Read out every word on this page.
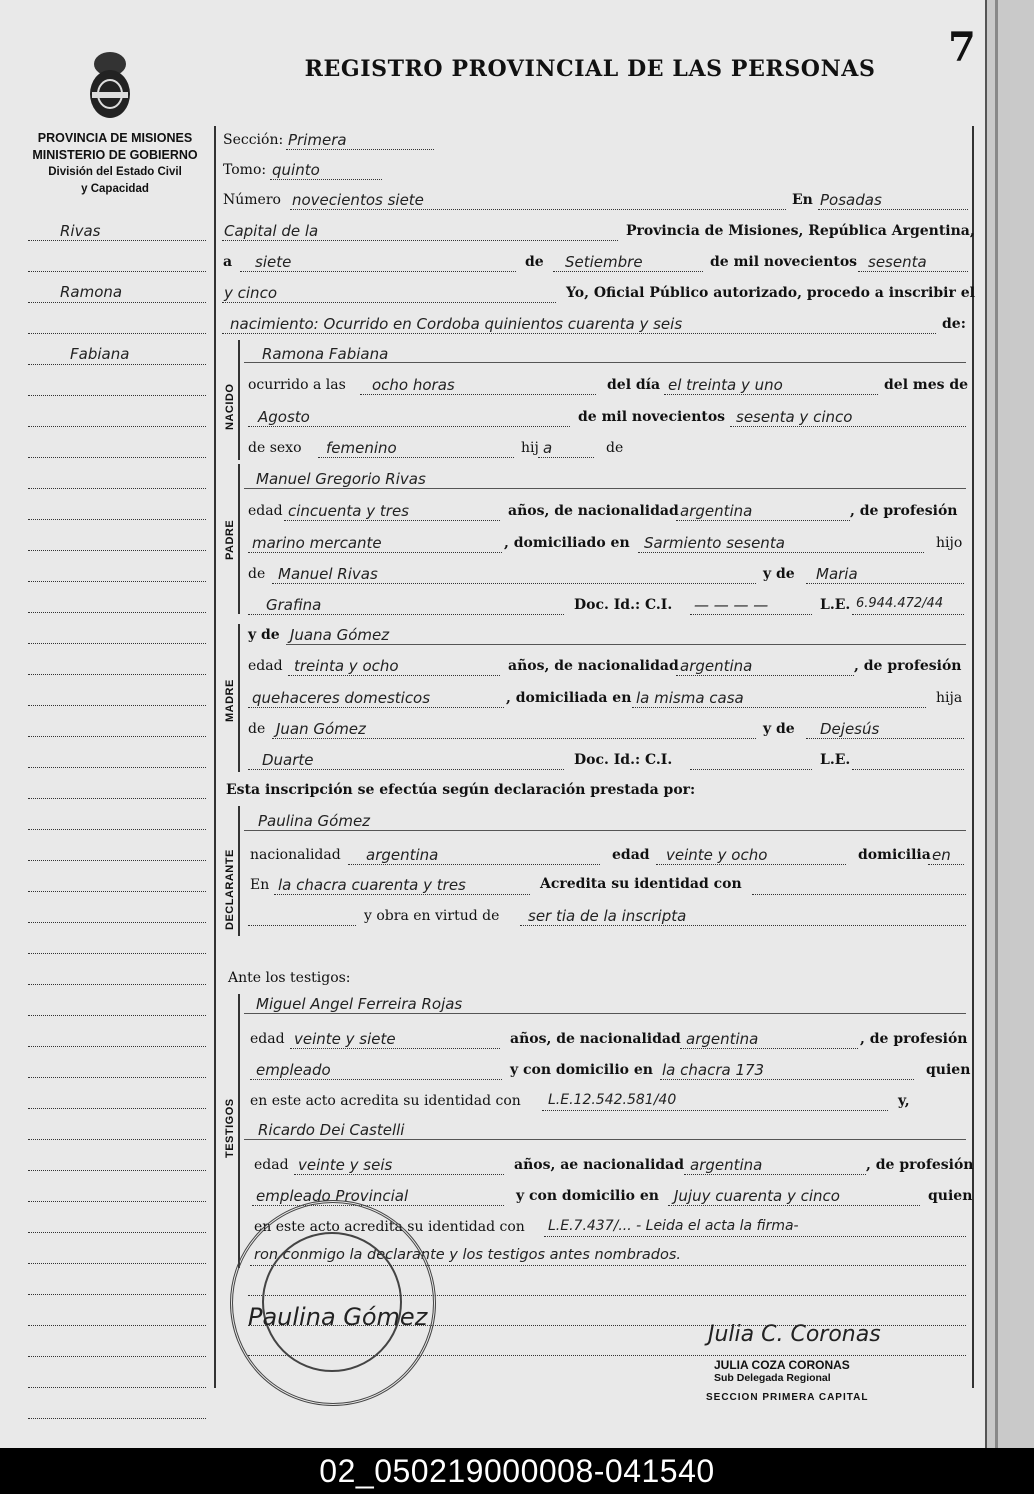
REGISTRO PROVINCIAL DE LAS PERSONAS	7
PROVINCIA DE MISIONES
MINISTERIO DE GOBIERNO
División del Estado Civil
y Capacidad
Rivas
Ramona
Fabiana
Sección: Primera
Tomo: quinto
Número novecientos siete	En Posadas
Capital de la	Provincia de Misiones, República Argentina,
a siete	de Setiembre	de mil novecientos sesenta
y cinco	Yo, Oficial Público autorizado, procedo a inscribir el
nacimiento: Ocurrido en Cordoba quinientos cuarenta y seis	de:
NACIDO
Ramona Fabiana
ocurrido a las ocho horas	del día el treinta y uno	del mes de
Agosto	de mil novecientos sesenta y cinco
de sexo femenino	hij a	de
PADRE
Manuel Gregorio Rivas
edad cincuenta y tres	años, de nacionalidad argentina	, de profesión
marino mercante	, domiciliado en Sarmiento sesenta	hijo
de Manuel Rivas	y de Maria
Grafina	Doc. Id.: C.I. — — — —	L.E. 6.944.472/44
MADRE
y de Juana Gómez
edad treinta y ocho	años, de nacionalidad argentina	, de profesión
quehaceres domesticos	, domiciliada en la misma casa	hija
de Juan Gómez	y de Dejesús
Duarte	Doc. Id.: C.I.	L.E.
Esta inscripción se efectúa según declaración prestada por:
DECLARANTE
Paulina Gómez
nacionalidad argentina	edad veinte y ocho	domicilia en
En la chacra cuarenta y tres	Acredita su identidad con
y obra en virtud de ser tia de la inscripta
Ante los testigos:
TESTIGOS
Miguel Angel Ferreira Rojas
edad veinte y siete	años, de nacionalidad argentina	, de profesión
empleado	y con domicilio en la chacra 173	quien
en este acto acredita su identidad con L.E.12.542.581/40	y,
Ricardo Dei Castelli
edad veinte y seis	años, ae nacionalidad argentina	, de profesión
empleado Provincial	y con domicilio en Jujuy cuarenta y cinco	quien
en este acto acredita su identidad con L.E.7.437/... - Leida el acta la firma-
ron conmigo la declarante y los testigos antes nombrados.
Paulina Gómez
Julia C. Coronas
JULIA COZA CORONAS
Sub Delegada Regional
SECCION PRIMERA CAPITAL
02_050219000008-041540
